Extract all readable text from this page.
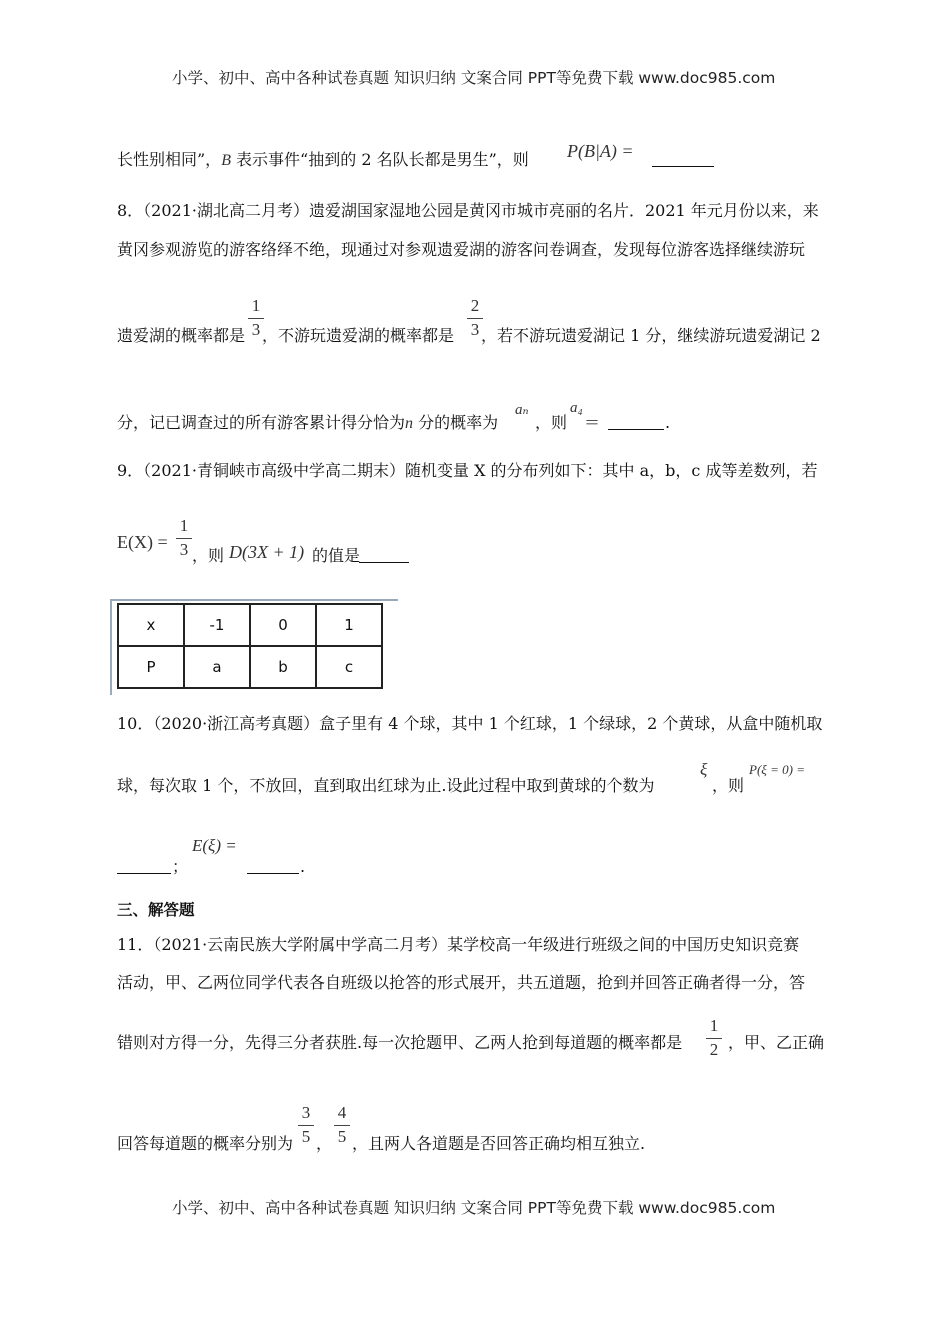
小学、初中、高中各种试卷真题 知识归纳 文案合同 PPT等免费下载 www.doc985.com
长性别相同”，B 表示事件“抽到的 2 名队长都是男生”，则 P(B|A) =
8．（2021·湖北高二月考）遗爱湖国家湿地公园是黄冈市城市亮丽的名片．2021 年元月份以来，来
黄冈参观游览的游客络绎不绝，现通过对参观遗爱湖的游客问卷调查，发现每位游客选择继续游玩
遗爱湖的概率都是
1
3 ，不游玩遗爱湖的概率都是
2
3 ，若不游玩遗爱湖记 1 分，继续游玩遗爱湖记 2
分，记已调查过的所有游客累计得分恰为n 分的概率为
aₙ
，则
a₄
＝	.
9．（2021·青铜峡市高级中学高二期末）随机变量 X 的分布列如下：其中 a，b，c 成等差数列，若
E(X) =
1
3 ，则 D(3X + 1) 的值是
x	-1	0	1
P	a	b	c
10．（2020·浙江高考真题）盒子里有 4 个球，其中 1 个红球，1 个绿球，2 个黄球，从盒中随机取
球，每次取 1 个，不放回，直到取出红球为止.设此过程中取到黄球的个数为
ξ
，则
P(ξ = 0) =
；
E(ξ) =
.
三、解答题
11．（2021·云南民族大学附属中学高二月考）某学校高一年级进行班级之间的中国历史知识竞赛
活动，甲、乙两位同学代表各自班级以抢答的形式展开，共五道题，抢到并回答正确者得一分，答
错则对方得一分，先得三分者获胜.每一次抢题甲、乙两人抢到每道题的概率都是
1
2 ，甲、乙正确
回答每道题的概率分别为
3
5 ，
4
5 ，且两人各道题是否回答正确均相互独立.
小学、初中、高中各种试卷真题 知识归纳 文案合同 PPT等免费下载 www.doc985.com
